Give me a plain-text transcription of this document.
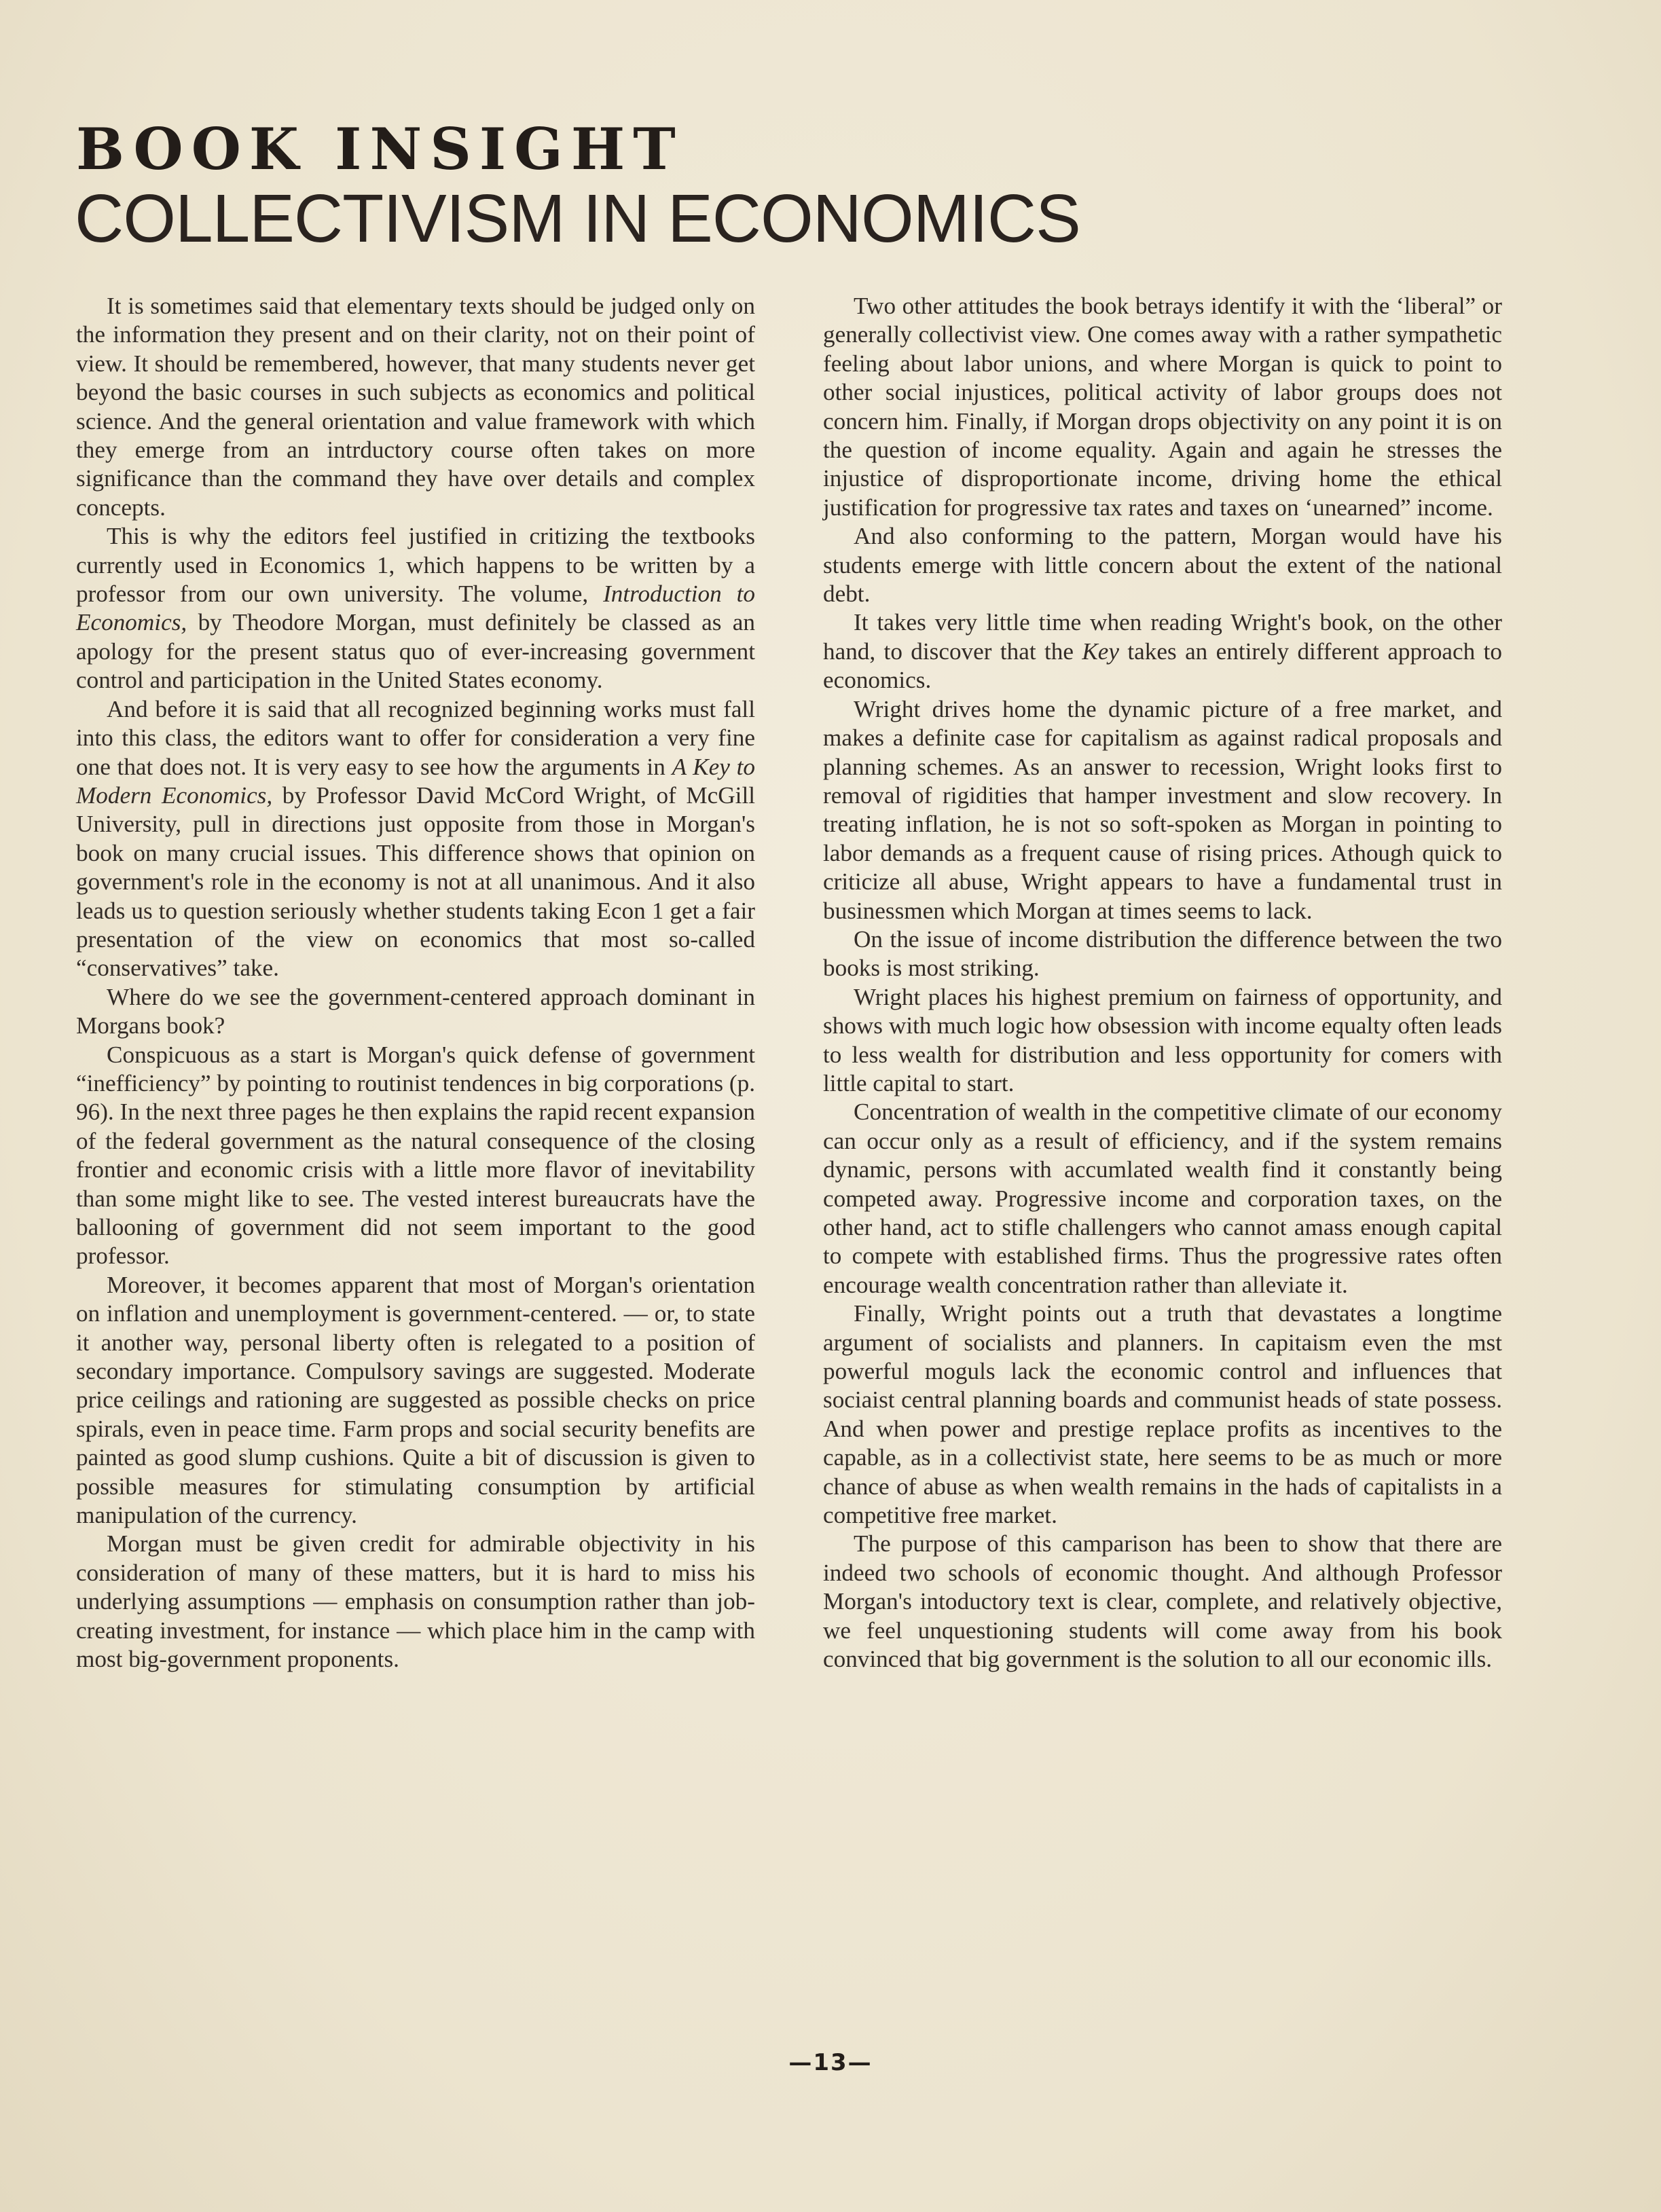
BOOK INSIGHT
COLLECTIVISM IN ECONOMICS

It is sometimes said that elementary texts should be judged only on the information they present and on their clarity, not on their point of view. It should be remembered, however, that many students never get beyond the basic courses in such subjects as economics and political science. And the general orientation and value framework with which they emerge from an intrductory course often takes on more significance than the command they have over details and complex concepts.

This is why the editors feel justified in critizing the textbooks currently used in Economics 1, which happens to be written by a professor from our own university. The volume, Introduction to Economics, by Theodore Morgan, must definitely be classed as an apology for the present status quo of ever-increasing government control and participation in the United States economy.

And before it is said that all recognized beginning works must fall into this class, the editors want to offer for consideration a very fine one that does not. It is very easy to see how the arguments in A Key to Modern Economics, by Professor David McCord Wright, of McGill University, pull in directions just opposite from those in Morgan's book on many crucial issues. This difference shows that opinion on government's role in the economy is not at all unanimous. And it also leads us to question seriously whether students taking Econ 1 get a fair presentation of the view on economics that most so-called “conservatives” take.

Where do we see the government-centered approach dominant in Morgans book?

Conspicuous as a start is Morgan's quick defense of government “inefficiency” by pointing to routinist tendences in big corporations (p. 96). In the next three pages he then explains the rapid recent expansion of the federal government as the natural consequence of the closing frontier and economic crisis with a little more flavor of inevitability than some might like to see. The vested interest bureaucrats have the ballooning of government did not seem important to the good professor.

Moreover, it becomes apparent that most of Morgan's orientation on inflation and unemployment is government-centered. — or, to state it another way, personal liberty often is relegated to a position of secondary importance. Compulsory savings are suggested. Moderate price ceilings and rationing are suggested as possible checks on price spirals, even in peace time. Farm props and social security benefits are painted as good slump cushions. Quite a bit of discussion is given to possible measures for stimulating consumption by artificial manipulation of the currency.

Morgan must be given credit for admirable objectivity in his consideration of many of these matters, but it is hard to miss his underlying assumptions — emphasis on consumption rather than job-creating investment, for instance — which place him in the camp with most big-government proponents.

Two other attitudes the book betrays identify it with the ‘liberal” or generally collectivist view. One comes away with a rather sympathetic feeling about labor unions, and where Morgan is quick to point to other social injustices, political activity of labor groups does not concern him. Finally, if Morgan drops objectivity on any point it is on the question of income equality. Again and again he stresses the injustice of disproportionate income, driving home the ethical justification for progressive tax rates and taxes on ‘unearned” income.

And also conforming to the pattern, Morgan would have his students emerge with little concern about the extent of the national debt.

It takes very little time when reading Wright's book, on the other hand, to discover that the Key takes an entirely different approach to economics.

Wright drives home the dynamic picture of a free market, and makes a definite case for capitalism as against radical proposals and planning schemes. As an answer to recession, Wright looks first to removal of rigidities that hamper investment and slow recovery. In treating inflation, he is not so soft-spoken as Morgan in pointing to labor demands as a frequent cause of rising prices. Athough quick to criticize all abuse, Wright appears to have a fundamental trust in businessmen which Morgan at times seems to lack.

On the issue of income distribution the difference between the two books is most striking.

Wright places his highest premium on fairness of opportunity, and shows with much logic how obsession with income equalty often leads to less wealth for distribution and less opportunity for comers with little capital to start.

Concentration of wealth in the competitive climate of our economy can occur only as a result of efficiency, and if the system remains dynamic, persons with accumlated wealth find it constantly being competed away. Progressive income and corporation taxes, on the other hand, act to stifle challengers who cannot amass enough capital to compete with established firms. Thus the progressive rates often encourage wealth concentration rather than alleviate it.

Finally, Wright points out a truth that devastates a longtime argument of socialists and planners. In capitaism even the mst powerful moguls lack the economic control and influences that sociaist central planning boards and communist heads of state possess. And when power and prestige replace profits as incentives to the capable, as in a collectivist state, here seems to be as much or more chance of abuse as when wealth remains in the hads of capitalists in a competitive free market.

The purpose of this camparison has been to show that there are indeed two schools of economic thought. And although Professor Morgan's intoductory text is clear, complete, and relatively objective, we feel unquestioning students will come away from his book convinced that big government is the solution to all our economic ills.

—13—
